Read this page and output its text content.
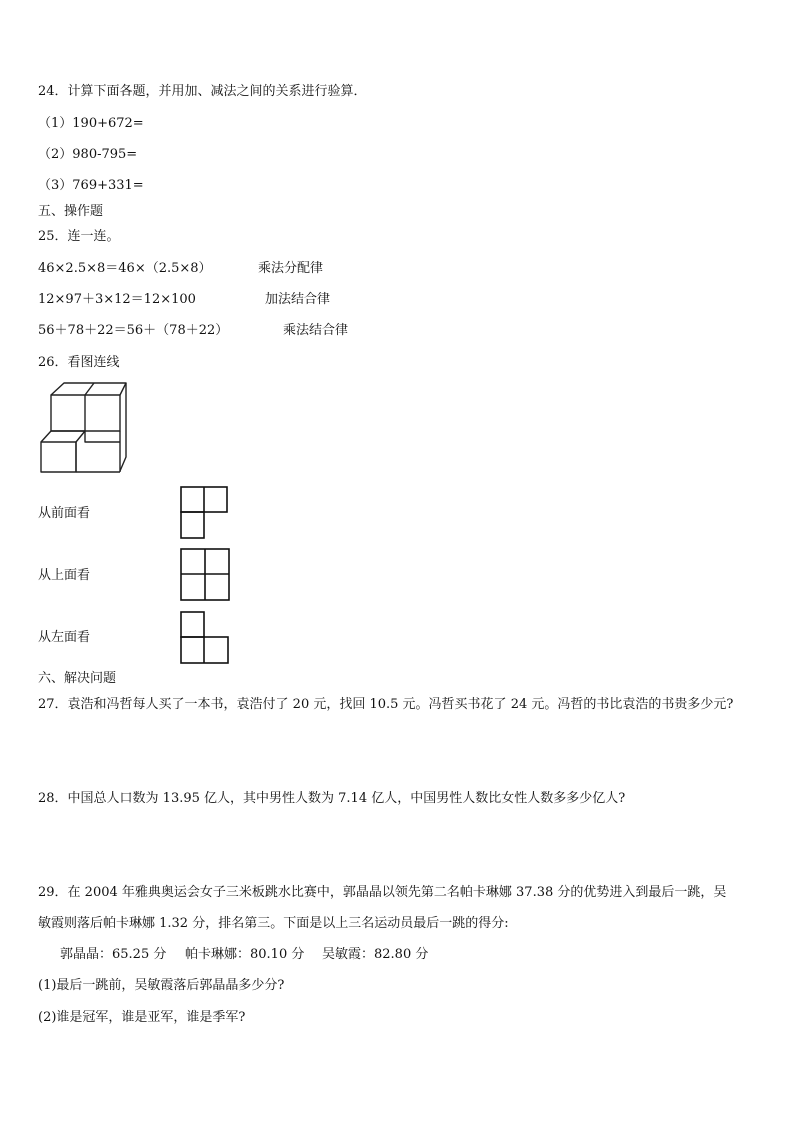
24．计算下面各题，并用加、减法之间的关系进行验算．
（1）190+672=
（2）980-795=
（3）769+331=
五、操作题
25．连一连。
46×2.5×8＝46×（2.5×8）	乘法分配律
12×97＋3×12＝12×100	加法结合律
56＋78＋22＝56＋（78＋22）	乘法结合律
26．看图连线
从前面看
从上面看
从左面看
六、解决问题
27．袁浩和冯哲每人买了一本书，袁浩付了 20 元，找回 10.5 元。冯哲买书花了 24 元。冯哲的书比袁浩的书贵多少元?
28．中国总人口数为 13.95 亿人，其中男性人数为 7.14 亿人，中国男性人数比女性人数多多少亿人?
29．在 2004 年雅典奥运会女子三米板跳水比赛中，郭晶晶以领先第二名帕卡琳娜 37.38 分的优势进入到最后一跳，吴
敏霞则落后帕卡琳娜 1.32 分，排名第三。下面是以上三名运动员最后一跳的得分:
郭晶晶：65.25 分 帕卡琳娜：80.10 分 吴敏霞：82.80 分
(1)最后一跳前，吴敏霞落后郭晶晶多少分?
(2)谁是冠军，谁是亚军，谁是季军?
